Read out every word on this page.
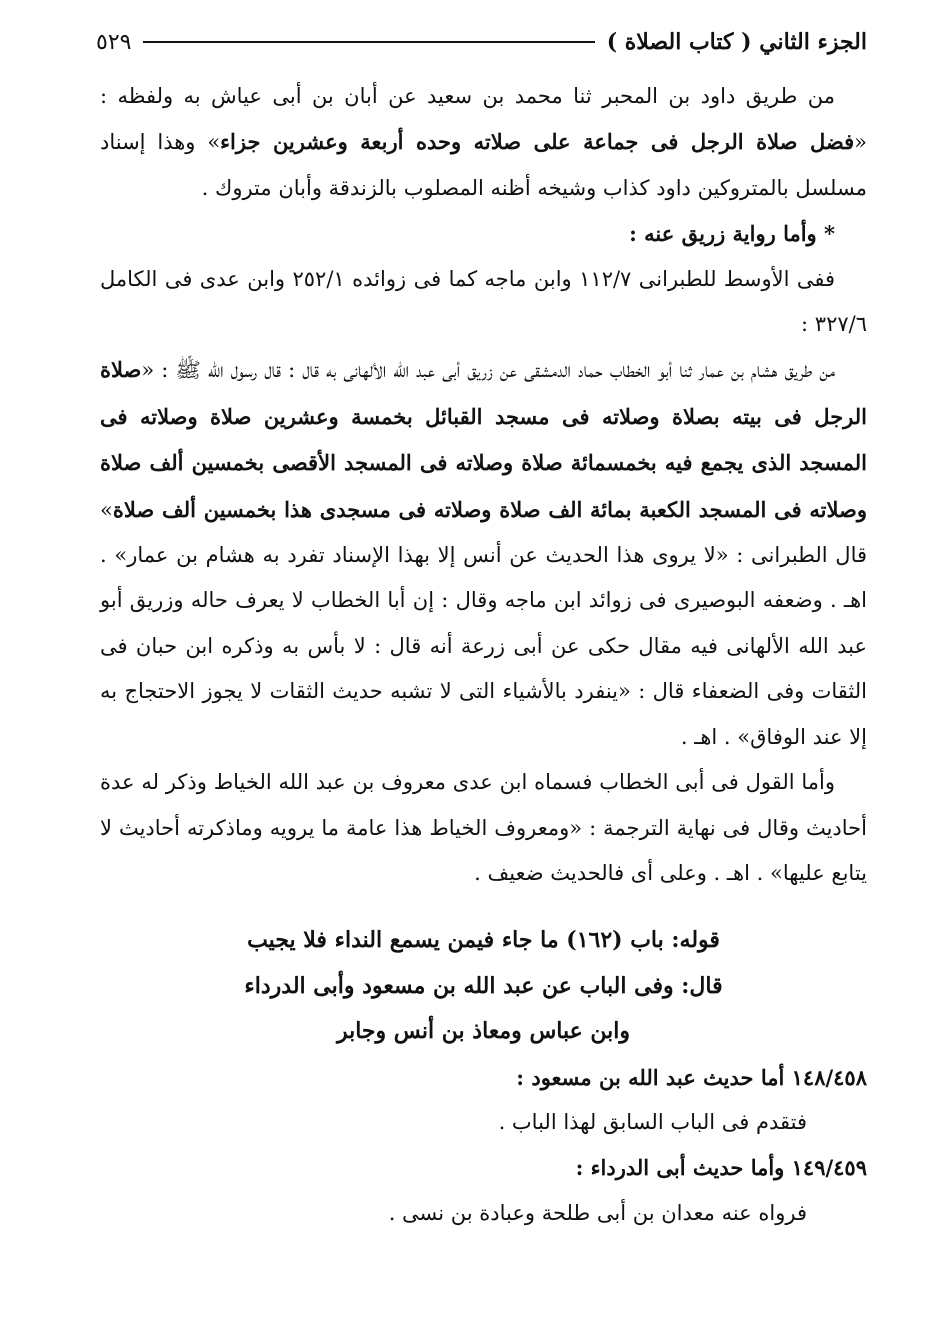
الجزء الثاني ( كتاب الصلاة )
٥٢٩

من طريق داود بن المحبر ثنا محمد بن سعيد عن أبان بن أبى عياش به ولفظه : «فضل صلاة الرجل فى جماعة على صلاته وحده أربعة وعشرين جزاء» وهذا إسناد مسلسل بالمتروكين داود كذاب وشيخه أظنه المصلوب بالزندقة وأبان متروك .

* وأما رواية زريق عنه :

ففى الأوسط للطبرانى ١١٢/٧ وابن ماجه كما فى زوائده ٢٥٢/١ وابن عدى فى الكامل ٣٢٧/٦ :

من طريق هشام بن عمار ثنا أبو الخطاب حماد الدمشقى عن زريق أبى عبد الله الألهانى به قال : قال رسول الله ﷺ : «صلاة الرجل فى بيته بصلاة وصلاته فى مسجد القبائل بخمسة وعشرين صلاة وصلاته فى المسجد الذى يجمع فيه بخمسمائة صلاة وصلاته فى المسجد الأقصى بخمسين ألف صلاة وصلاته فى المسجد الكعبة بمائة الف صلاة وصلاته فى مسجدى هذا بخمسين ألف صلاة» قال الطبرانى : «لا يروى هذا الحديث عن أنس إلا بهذا الإسناد تفرد به هشام بن عمار» . اهـ . وضعفه البوصيرى فى زوائد ابن ماجه وقال : إن أبا الخطاب لا يعرف حاله وزريق أبو عبد الله الألهانى فيه مقال حكى عن أبى زرعة أنه قال : لا بأس به وذكره ابن حبان فى الثقات وفى الضعفاء قال : «ينفرد بالأشياء التى لا تشبه حديث الثقات لا يجوز الاحتجاج به إلا عند الوفاق» . اهـ .

وأما القول فى أبى الخطاب فسماه ابن عدى معروف بن عبد الله الخياط وذكر له عدة أحاديث وقال فى نهاية الترجمة : «ومعروف الخياط هذا عامة ما يرويه وماذكرته أحاديث لا يتابع عليها» . اهـ . وعلى أى فالحديث ضعيف .

قوله: باب (١٦٢) ما جاء فيمن يسمع النداء فلا يجيب

قال: وفى الباب عن عبد الله بن مسعود وأبى الدرداء

وابن عباس ومعاذ بن أنس وجابر

١٤٨/٤٥٨ أما حديث عبد الله بن مسعود :

فتقدم فى الباب السابق لهذا الباب .

١٤٩/٤٥٩ وأما حديث أبى الدرداء :

فرواه عنه معدان بن أبى طلحة وعبادة بن نسى .
